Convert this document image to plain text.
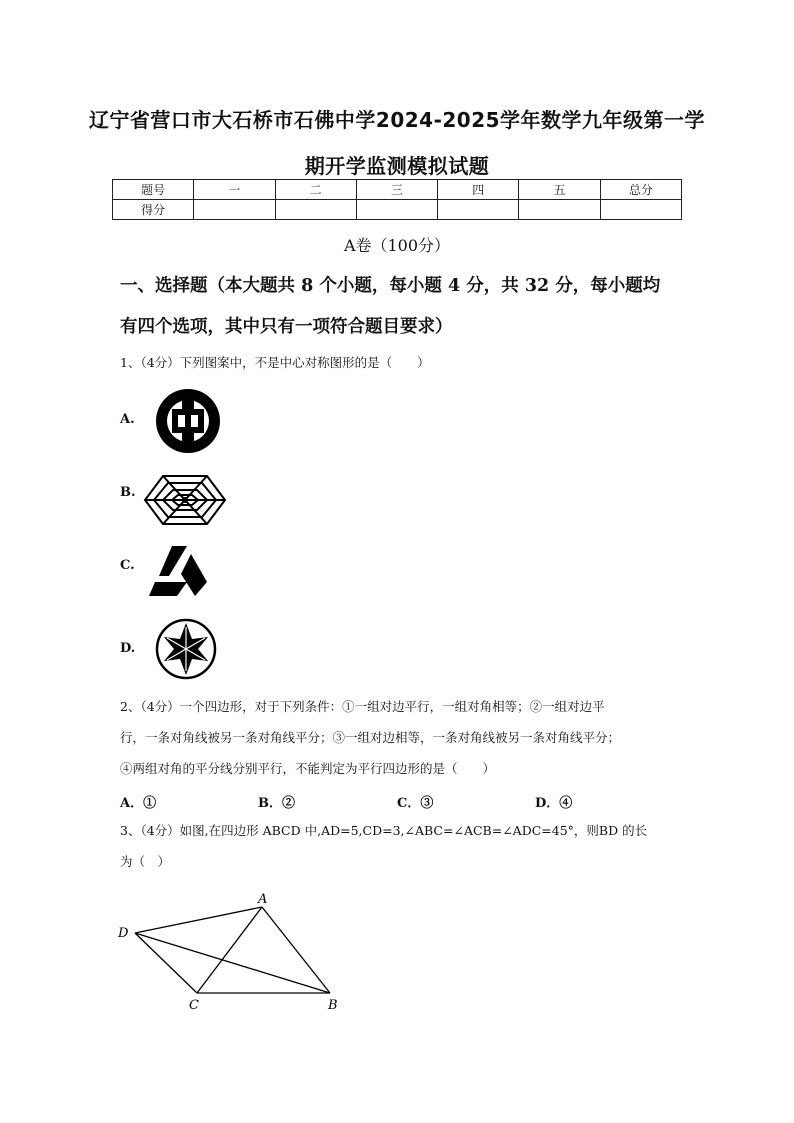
辽宁省营口市大石桥市石佛中学2024-2025学年数学九年级第一学
期开学监测模拟试题
题号	一	二	三	四	五	总分
得分						
A卷（100分）
一、选择题（本大题共 8 个小题，每小题 4 分，共 32 分，每小题均
有四个选项，其中只有一项符合题目要求）
1、（4分）下列图案中，不是中心对称图形的是（　　）
A.
B.
C.
D.
2、（4分）一个四边形，对于下列条件：①一组对边平行，一组对角相等；②一组对边平
行，一条对角线被另一条对角线平分；③一组对边相等，一条对角线被另一条对角线平分；
④两组对角的平分线分别平行，不能判定为平行四边形的是（　　）
A．①	B．②	C．③	D．④
3、（4分）如图,在四边形 ABCD 中,AD=5,CD=3,∠ABC=∠ACB=∠ADC=45°，则BD 的长
为（　）
A
D
C	B
